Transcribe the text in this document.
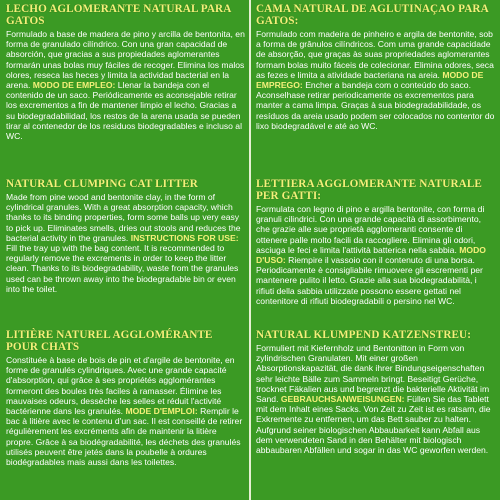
LECHO AGLOMERANTE NATURAL PARA GATOS

Formulado a base de madera de pino y arcilla de bentonita, en forma de granulado cilíndrico. Con una gran capacidad de absorción, que gracias a sus propiedades aglomerantes formarán unas bolas muy fáciles de recoger. Elimina los malos olores, reseca las heces y limita la actividad bacterial en la arena. MODO DE EMPLEO: Llenar la bandeja con el contenido de un saco. Periódicamente es aconsejable retirar los excrementos a fin de mantener limpio el lecho. Gracias a su biodegradabilidad, los restos de la arena usada se pueden tirar al contenedor de los residuos biodegradables e incluso al WC.

NATURAL CLUMPING CAT LITTER

Made from pine wood and bentonite clay, in the form of cylindrical granules. With a great absorption capacity, which thanks to its binding properties, form some balls up very easy to pick up. Eliminates smells, dries out stools and reduces the bacterial activity in the granules. INSTRUCTIONS FOR USE: Fill the tray up with the bag content. It is recommended to regularly remove the excrements in order to keep the litter clean. Thanks to its biodegradability, waste from the granules used can be thrown away into the biodegradable bin or even into the toilet.

LITIÈRE NATUREL AGGLOMÉRANTE POUR CHATS

Constituée à base de bois de pin et d'argile de bentonite, en forme de granulés cylindriques. Avec une grande capacité d'absorption, qui grâce à ses propriétés agglomérantes formeront des boules très faciles à ramasser. Élimine les mauvaises odeurs, dessèche les selles et réduit l'activité bactérienne dans les granulés. MODE D'EMPLOI: Remplir le bac à litière avec le contenu d'un sac. Il est conseillé de retirer régulièrement les excréments afin de maintenir la litière propre. Grâce à sa biodégradabilité, les déchets des granulés utilisés peuvent être jetés dans la poubelle à ordures biodégradables mais aussi dans les toilettes.

CAMA NATURAL DE AGLUTINAÇAO PARA GATOS:

Formulado com madeira de pinheiro e argila de bentonite, sob a forma de grânulos cilíndricos. Com uma grande capacidade de absorção, que graças às suas propriedades aglomerantes formam bolas muito fáceis de colecionar. Elimina odores, seca as fezes e limita a atividade bacteriana na areia. MODO DE EMPREGO: Encher a bandeja com o conteúdo do saco. Aconselhase retirar periodicamente os excrementos para manter a cama limpa. Graças à sua biodegradabilidade, os resíduos da areia usado podem ser colocados no contentor do lixo biodegradável e até ao WC.

LETTIERA AGGLOMERANTE NATURALE PER GATTI:

Formulata con legno di pino e argilla bentonite, con forma di granuli cilindrici. Con una grande capacità di assorbimento, che grazie alle sue proprietà agglomeranti consente di ottenere palle molto facili da raccogliere. Elimina gli odori, asciuga le feci e limita l'attività batterica nella sabbia. MODO D'USO: Riempire il vassoio con il contenuto di una borsa. Periodicamente è consigliabile rimuovere gli escrementi per mantenere pulito il letto. Grazie alla sua biodegradabilità, i rifiuti della sabbia utilizzate possono essere gettati nel contenitore di rifiuti biodegradabili o persino nel WC.

NATURAL KLUMPEND KATZENSTREU:

Formuliert mit Kiefernholz und Bentonitton in Form von zylindrischen Granulaten. Mit einer großen Absorptionskapazität, die dank ihrer Bindungseigenschaften sehr leichte Bälle zum Sammeln bringt. Beseitigt Gerüche, trocknet Fäkalien aus und begrenzt die bakterielle Aktivität im Sand. GEBRAUCHSANWEISUNGEN: Füllen Sie das Tablett mit dem Inhalt eines Sacks. Von Zeit zu Zeit ist es ratsam, die Exkremente zu entfernen, um das Bett sauber zu halten. Aufgrund seiner biologischen Abbaubarkeit kann Abfall aus dem verwendeten Sand in den Behälter mit biologisch abbaubaren Abfällen und sogar in das WC geworfen werden.
